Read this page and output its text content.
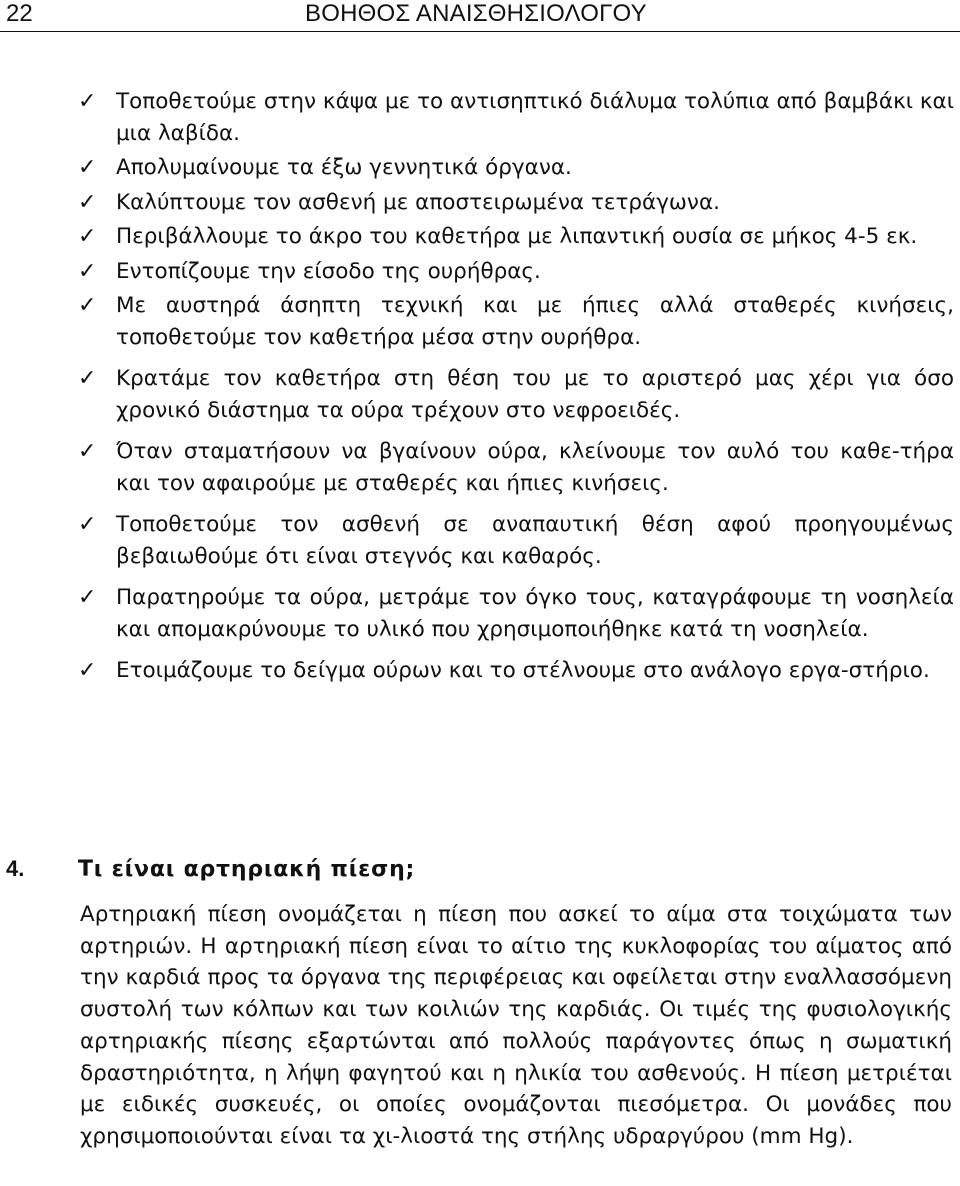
22	ΒΟΗΘΟΣ ΑΝΑΙΣΘΗΣΙΟΛΟΓΟΥ
✓ Τοποθετούμε στην κάψα με το αντισηπτικό διάλυμα τολύπια από βαμβάκι και μια λαβίδα.
✓ Απολυμαίνουμε τα έξω γεννητικά όργανα.
✓ Καλύπτουμε τον ασθενή με αποστειρωμένα τετράγωνα.
✓ Περιβάλλουμε το άκρο του καθετήρα με λιπαντική ουσία σε μήκος 4-5 εκ.
✓ Εντοπίζουμε την είσοδο της ουρήθρας.
✓ Με αυστηρά άσηπτη τεχνική και με ήπιες αλλά σταθερές κινήσεις, τοποθετούμε τον καθετήρα μέσα στην ουρήθρα.
✓ Κρατάμε τον καθετήρα στη θέση του με το αριστερό μας χέρι για όσο χρονικό διάστημα τα ούρα τρέχουν στο νεφροειδές.
✓ Όταν σταματήσουν να βγαίνουν ούρα, κλείνουμε τον αυλό του καθε-τήρα και τον αφαιρούμε με σταθερές και ήπιες κινήσεις.
✓ Τοποθετούμε τον ασθενή σε αναπαυτική θέση αφού προηγουμένως βεβαιωθούμε ότι είναι στεγνός και καθαρός.
✓ Παρατηρούμε τα ούρα, μετράμε τον όγκο τους, καταγράφουμε τη νοσηλεία και απομακρύνουμε το υλικό που χρησιμοποιήθηκε κατά τη νοσηλεία.
✓ Ετοιμάζουμε το δείγμα ούρων και το στέλνουμε στο ανάλογο εργα-στήριο.
4. Τι είναι αρτηριακή πίεση;

Αρτηριακή πίεση ονομάζεται η πίεση που ασκεί το αίμα στα τοιχώματα των αρτηριών. Η αρτηριακή πίεση είναι το αίτιο της κυκλοφορίας του αίματος από την καρδιά προς τα όργανα της περιφέρειας και οφείλεται στην εναλλασσόμενη συστολή των κόλπων και των κοιλιών της καρδιάς. Οι τιμές της φυσιολογικής αρτηριακής πίεσης εξαρτώνται από πολλούς παράγοντες όπως η σωματική δραστηριότητα, η λήψη φαγητού και η ηλικία του ασθενούς. Η πίεση μετριέται με ειδικές συσκευές, οι οποίες ονομάζονται πιεσόμετρα. Οι μονάδες που χρησιμοποιούνται είναι τα χι-λιοστά της στήλης υδραργύρου (mm Hg).
